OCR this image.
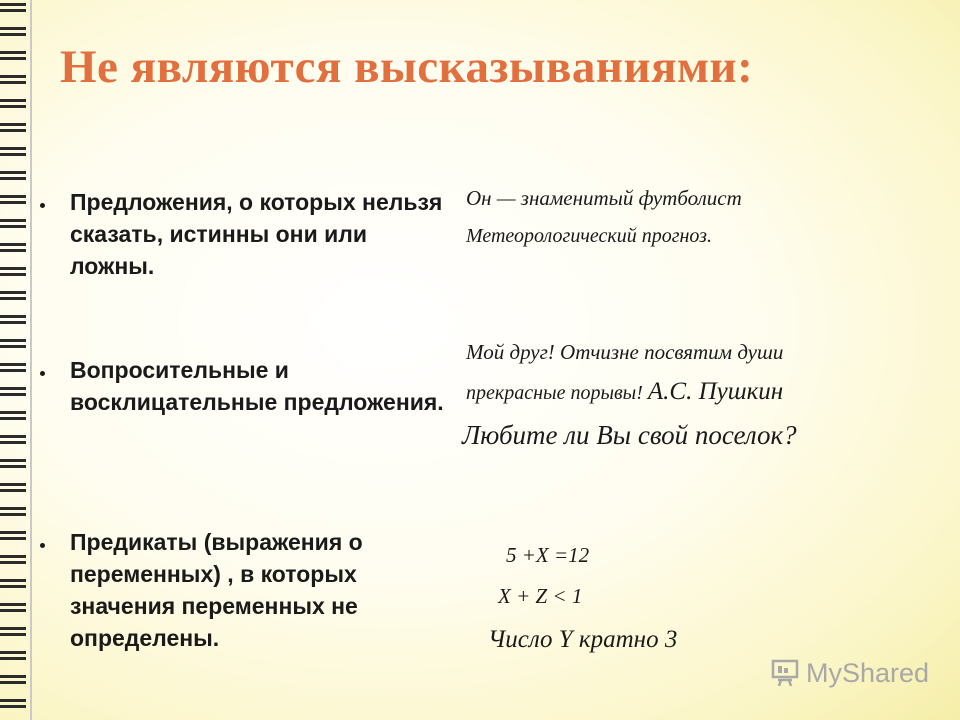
Не являются высказываниями:
Предложения, о которых нельзя сказать, истинны они или ложны.
Вопросительные и восклицательные предложения.
Предикаты (выражения о переменных) , в которых значения переменных не определены.
Он — знаменитый футболист
Метеорологический прогноз.
Мой друг! Отчизне посвятим души
прекрасные порывы! А.С. Пушкин
Любите ли Вы свой поселок?
5 +Х =12
Х + Z < 1
Число Y кратно 3
MyShared
